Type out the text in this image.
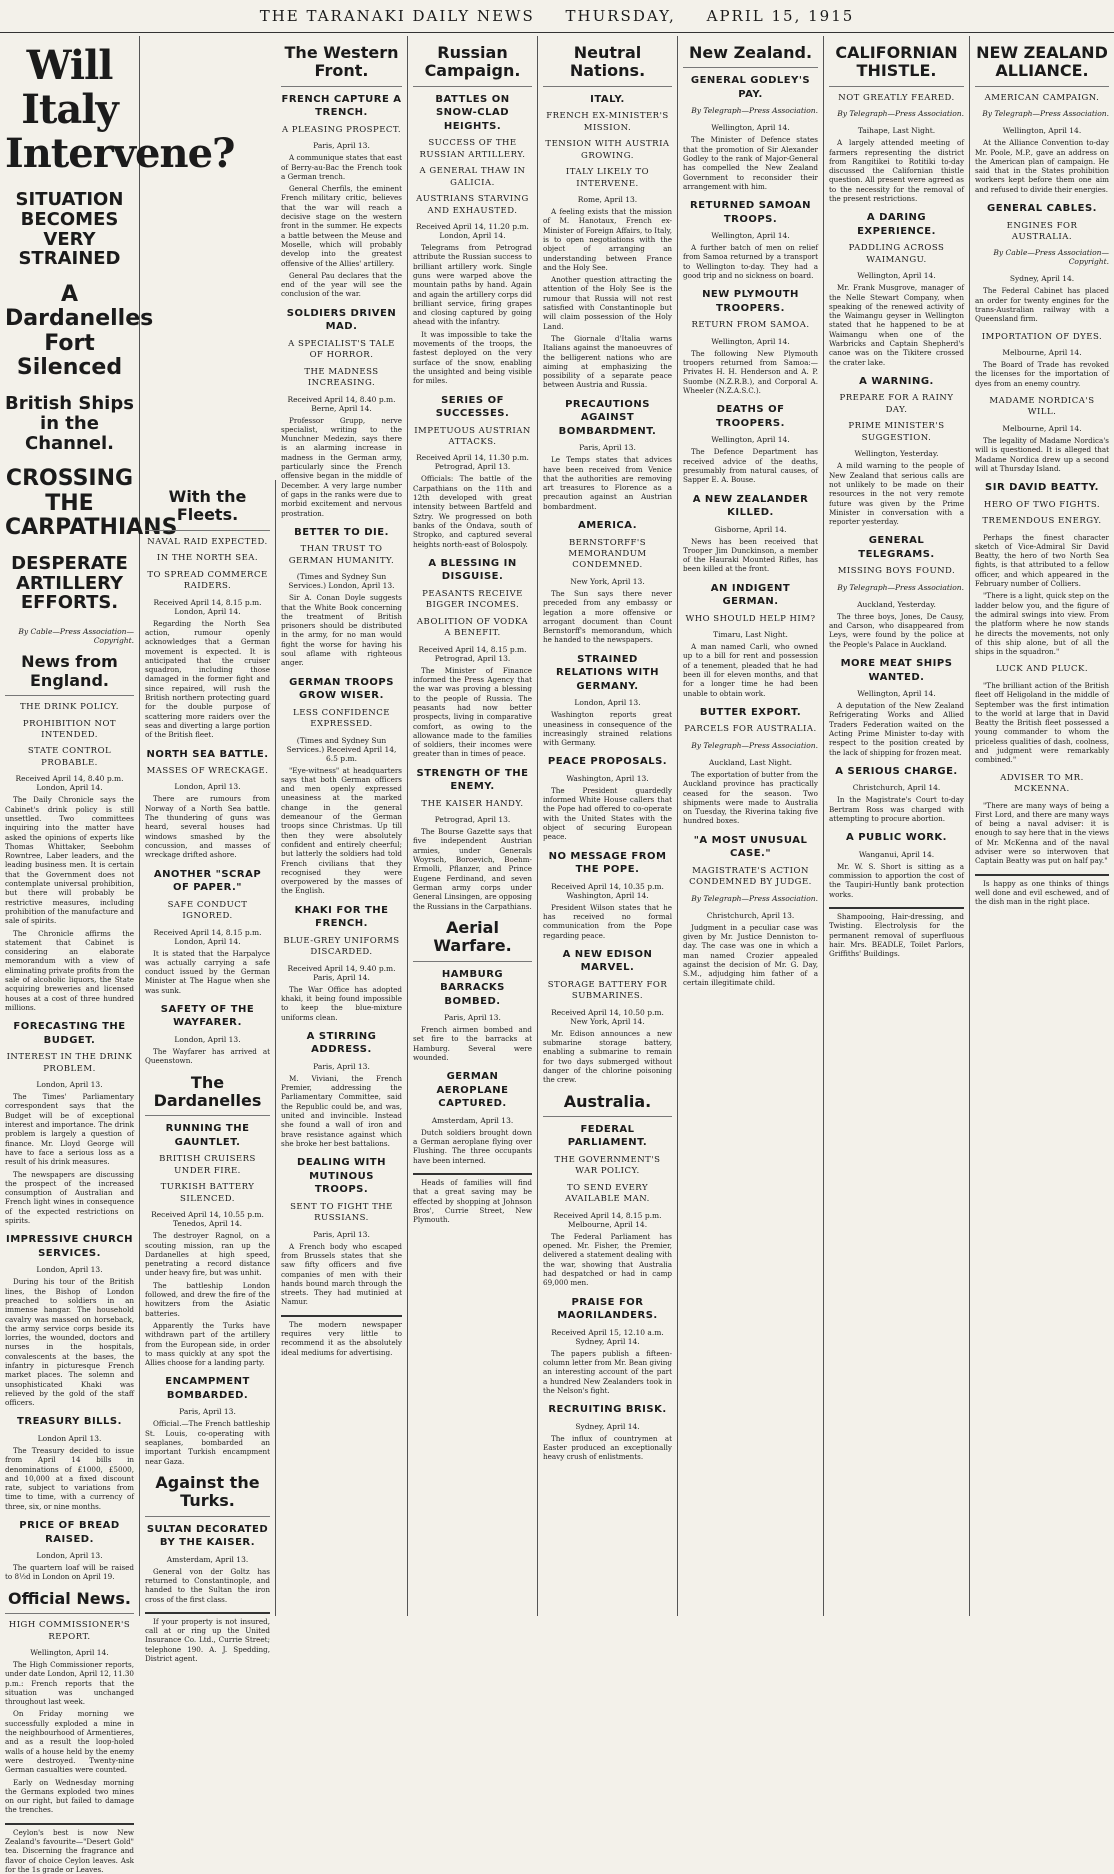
THE TARANAKI DAILY NEWS THURSDAY, APRIL 15, 1915
Will Italy Intervene?
SITUATION BECOMES VERY STRAINED
A Dardanelles Fort Silenced
British Ships in the Channel.
CROSSING THE CARPATHIANS
DESPERATE ARTILLERY EFFORTS.
By Cable—Press Association—Copyright.
News from England.
THE DRINK POLICY.
PROHIBITION NOT INTENDED.
STATE CONTROL PROBABLE.
Received April 14, 8.40 p.m. London, April 14.

The Daily Chronicle says the Cabinet's drink policy is still unsettled. Two committees inquiring into the matter have asked the opinions of experts like Thomas Whittaker, Seebohm Rowntree, Laber leaders, and the leading business men. It is certain that the Government does not contemplate universal prohibition, but there will probably be restrictive measures, including prohibition of the manufacture and sale of spirits.

The Chronicle affirms the statement that Cabinet is considering an elaborate memorandum with a view of eliminating private profits from the sale of alcoholic liquors, the State acquiring breweries and licensed houses at a cost of three hundred millions.

FORECASTING THE BUDGET.
INTEREST IN THE DRINK PROBLEM.
London, April 13.

The Times' Parliamentary correspondent says that the Budget will be of exceptional interest and importance. The drink problem is largely a question of finance. Mr. Lloyd George will have to face a serious loss as a result of his drink measures.

The newspapers are discussing the prospect of the increased consumption of Australian and French light wines in consequence of the expected restrictions on spirits.

IMPRESSIVE CHURCH SERVICES.
London, April 13.

During his tour of the British lines, the Bishop of London preached to soldiers in an immense hangar. The household cavalry was massed on horseback, the army service corps beside its lorries, the wounded, doctors and nurses in the hospitals, convalescents at the bases, the infantry in picturesque French market places. The solemn and unsophisticated Khaki was relieved by the gold of the staff officers.

TREASURY BILLS.
London April 13.

The Treasury decided to issue from April 14 bills in denominations of £1000, £5000, and 10,000 at a fixed discount rate, subject to variations from time to time, with a currency of three, six, or nine months.

PRICE OF BREAD RAISED.
London, April 13.

The quartern loaf will be raised to 8½d in London on April 19.

Official News.
HIGH COMMISSIONER'S REPORT.
Wellington, April 14.

The High Commissioner reports, under date London, April 12, 11.30 p.m.: French reports that the situation was unchanged throughout last week.

On Friday morning we successfully exploded a mine in the neighbourhood of Armentieres, and as a result the loop-holed walls of a house held by the enemy were destroyed. Twenty-nine German casualties were counted.

Early on Wednesday morning the Germans exploded two mines on our right, but failed to damage the trenches.

Ceylon's best is now New Zealand's favourite—"Desert Gold" tea. Discerning the fragrance and flavor of choice Ceylon leaves. Ask for the 1s grade or Leaves.

With the Fleets.
NAVAL RAID EXPECTED.
IN THE NORTH SEA.
TO SPREAD COMMERCE RAIDERS.
Received April 14, 8.15 p.m. London, April 14.

Regarding the North Sea action, rumour openly acknowledges that a German movement is expected. It is anticipated that the cruiser squadron, including those damaged in the former fight and since repaired, will rush the British northern protecting guard for the double purpose of scattering more raiders over the seas and diverting a large portion of the British fleet.

NORTH SEA BATTLE.
MASSES OF WRECKAGE.
London, April 13.

There are rumours from Norway of a North Sea battle. The thundering of guns was heard, several houses had windows smashed by the concussion, and masses of wreckage drifted ashore.

ANOTHER "SCRAP OF PAPER."
SAFE CONDUCT IGNORED.
Received April 14, 8.15 p.m. London, April 14.

It is stated that the Harpalyce was actually carrying a safe conduct issued by the German Minister at The Hague when she was sunk.

SAFETY OF THE WAYFARER.
London, April 13.

The Wayfarer has arrived at Queenstown.

The Dardanelles
RUNNING THE GAUNTLET.
BRITISH CRUISERS UNDER FIRE.
TURKISH BATTERY SILENCED.
Received April 14, 10.55 p.m. Tenedos, April 14.

The destroyer Ragnol, on a scouting mission, ran up the Dardanelles at high speed, penetrating a record distance under heavy fire, but was unhit.

The battleship London followed, and drew the fire of the howitzers from the Asiatic batteries.

Apparently the Turks have withdrawn part of the artillery from the European side, in order to mass quickly at any spot the Allies choose for a landing party.

ENCAMPMENT BOMBARDED.
Paris, April 13.

Official.—The French battleship St. Louis, co-operating with seaplanes, bombarded an important Turkish encampment near Gaza.

Against the Turks.
SULTAN DECORATED BY THE KAISER.
Amsterdam, April 13.

General von der Goltz has returned to Constantinople, and handed to the Sultan the iron cross of the first class.

If your property is not insured, call at or ring up the United Insurance Co. Ltd., Currie Street; telephone 190. A. J. Spedding, District agent.

The Western Front.
FRENCH CAPTURE A TRENCH.
A PLEASING PROSPECT.
Paris, April 13.

A communique states that east of Berry-au-Bac the French took a German trench.

General Cherfils, the eminent French military critic, believes that the war will reach a decisive stage on the western front in the summer. He expects a battle between the Meuse and Moselle, which will probably develop into the greatest offensive of the Allies' artillery.

General Pau declares that the end of the year will see the conclusion of the war.

SOLDIERS DRIVEN MAD.
A SPECIALIST'S TALE OF HORROR.
THE MADNESS INCREASING.
Received April 14, 8.40 p.m. Berne, April 14.

Professor Grupp, nerve specialist, writing to the Munchner Medezin, says there is an alarming increase in madness in the German army, particularly since the French offensive began in the middle of December. A very large number of gaps in the ranks were due to morbid excitement and nervous prostration.

BETTER TO DIE.
THAN TRUST TO GERMAN HUMANITY.
(Times and Sydney Sun Services.) London, April 13.

Sir A. Conan Doyle suggests that the White Book concerning the treatment of British prisoners should be distributed in the army, for no man would fight the worse for having his soul aflame with righteous anger.

GERMAN TROOPS GROW WISER.
LESS CONFIDENCE EXPRESSED.
(Times and Sydney Sun Services.) Received April 14, 6.5 p.m.

"Eye-witness" at headquarters says that both German officers and men openly expressed uneasiness at the marked change in the general demeanour of the German troops since Christmas. Up till then they were absolutely confident and entirely cheerful; but latterly the soldiers had told French civilians that they recognised they were overpowered by the masses of the English.

KHAKI FOR THE FRENCH.
BLUE-GREY UNIFORMS DISCARDED.
Received April 14, 9.40 p.m. Paris, April 14.

The War Office has adopted khaki, it being found impossible to keep the blue-mixture uniforms clean.

A STIRRING ADDRESS.
Paris, April 13.

M. Viviani, the French Premier, addressing the Parliamentary Committee, said the Republic could be, and was, united and invincible. Instead she found a wall of iron and brave resistance against which she broke her best battalions.

DEALING WITH MUTINOUS TROOPS.
SENT TO FIGHT THE RUSSIANS.
Paris, April 13.

A French body who escaped from Brussels states that she saw fifty officers and five companies of men with their hands bound march through the streets. They had mutinied at Namur.

The modern newspaper requires very little to recommend it as the absolutely ideal mediums for advertising.

Russian Campaign.
BATTLES ON SNOW-CLAD HEIGHTS.
SUCCESS OF THE RUSSIAN ARTILLERY.
A GENERAL THAW IN GALICIA.
AUSTRIANS STARVING AND EXHAUSTED.
Received April 14, 11.20 p.m. London, April 14.

Telegrams from Petrograd attribute the Russian success to brilliant artillery work. Single guns were warped above the mountain paths by hand. Again and again the artillery corps did brilliant service, firing grapes and closing captured by going ahead with the infantry.

It was impossible to take the movements of the troops, the fastest deployed on the very surface of the snow, enabling the unsighted and being visible for miles.

SERIES OF SUCCESSES.
IMPETUOUS AUSTRIAN ATTACKS.
Received April 14, 11.30 p.m. Petrograd, April 13.

Officials: The battle of the Carpathians on the 11th and 12th developed with great intensity between Bartfeld and Sztry. We progressed on both banks of the Ondava, south of Stropko, and captured several heights north-east of Bolospoly.

A BLESSING IN DISGUISE.
PEASANTS RECEIVE BIGGER INCOMES.
ABOLITION OF VODKA A BENEFIT.
Received April 14, 8.15 p.m. Petrograd, April 13.

The Minister of Finance informed the Press Agency that the war was proving a blessing to the people of Russia. The peasants had now better prospects, living in comparative comfort, as owing to the allowance made to the families of soldiers, their incomes were greater than in times of peace.

STRENGTH OF THE ENEMY.
THE KAISER HANDY.
Petrograd, April 13.

The Bourse Gazette says that five independent Austrian armies, under Generals Woyrsch, Boroevich, Boehm-Ermolli, Pflanzer, and Prince Eugene Ferdinand, and seven German army corps under General Linsingen, are opposing the Russians in the Carpathians.

Aerial Warfare.
HAMBURG BARRACKS BOMBED.
Paris, April 13.

French airmen bombed and set fire to the barracks at Hamburg. Several were wounded.

GERMAN AEROPLANE CAPTURED.
Amsterdam, April 13.

Dutch soldiers brought down a German aeroplane flying over Flushing. The three occupants have been interned.

Heads of families will find that a great saving may be effected by shopping at Johnson Bros', Currie Street, New Plymouth.

Neutral Nations.
ITALY.
FRENCH EX-MINISTER'S MISSION.
TENSION WITH AUSTRIA GROWING.
ITALY LIKELY TO INTERVENE.
Rome, April 13.

A feeling exists that the mission of M. Hanotaux, French ex-Minister of Foreign Affairs, to Italy, is to open negotiations with the object of arranging an understanding between France and the Holy See.

Another question attracting the attention of the Holy See is the rumour that Russia will not rest satisfied with Constantinople but will claim possession of the Holy Land.

The Giornale d'Italia warns Italians against the manoeuvres of the belligerent nations who are aiming at emphasizing the possibility of a separate peace between Austria and Russia.

PRECAUTIONS AGAINST BOMBARDMENT.
Paris, April 13.

Le Temps states that advices have been received from Venice that the authorities are removing art treasures to Florence as a precaution against an Austrian bombardment.

AMERICA.
BERNSTORFF'S MEMORANDUM CONDEMNED.
New York, April 13.

The Sun says there never preceded from any embassy or legation a more offensive or arrogant document than Count Bernstorff's memorandum, which he handed to the newspapers.

STRAINED RELATIONS WITH GERMANY.
London, April 13.

Washington reports great uneasiness in consequence of the increasingly strained relations with Germany.

PEACE PROPOSALS.
Washington, April 13.

The President guardedly informed White House callers that the Pope had offered to co-operate with the United States with the object of securing European peace.

NO MESSAGE FROM THE POPE.
Received April 14, 10.35 p.m. Washington, April 14.

President Wilson states that he has received no formal communication from the Pope regarding peace.

A NEW EDISON MARVEL.
STORAGE BATTERY FOR SUBMARINES.
Received April 14, 10.50 p.m. New York, April 14.

Mr. Edison announces a new submarine storage battery, enabling a submarine to remain for two days submerged without danger of the chlorine poisoning the crew.

Australia.
FEDERAL PARLIAMENT.
THE GOVERNMENT'S WAR POLICY.
TO SEND EVERY AVAILABLE MAN.
Received April 14, 8.15 p.m. Melbourne, April 14.

The Federal Parliament has opened. Mr. Fisher, the Premier, delivered a statement dealing with the war, showing that Australia had despatched or had in camp 69,000 men.

PRAISE FOR MAORILANDERS.
Received April 15, 12.10 a.m. Sydney, April 14.

The papers publish a fifteen-column letter from Mr. Bean giving an interesting account of the part a hundred New Zealanders took in the Nelson's fight.

RECRUITING BRISK.
Sydney, April 14.

The influx of countrymen at Easter produced an exceptionally heavy crush of enlistments.

New Zealand.
GENERAL GODLEY'S PAY.
By Telegraph—Press Association.
Wellington, April 14.

The Minister of Defence states that the promotion of Sir Alexander Godley to the rank of Major-General has compelled the New Zealand Government to reconsider their arrangement with him.

RETURNED SAMOAN TROOPS.
Wellington, April 14.

A further batch of men on relief from Samoa returned by a transport to Wellington to-day. They had a good trip and no sickness on board.

NEW PLYMOUTH TROOPERS.
RETURN FROM SAMOA.
Wellington, April 14.

The following New Plymouth troopers returned from Samoa:—Privates H. H. Henderson and A. P. Suombe (N.Z.R.B.), and Corporal A. Wheeler (N.Z.A.S.C.).

DEATHS OF TROOPERS.
Wellington, April 14.

The Defence Department has received advice of the deaths, presumably from natural causes, of Sapper E. A. Bouse.

A NEW ZEALANDER KILLED.
Gisborne, April 14.

News has been received that Trooper Jim Dunckinson, a member of the Hauraki Mounted Rifles, has been killed at the front.

AN INDIGENT GERMAN.
WHO SHOULD HELP HIM?
Timaru, Last Night.

A man named Carli, who owned up to a bill for rent and possession of a tenement, pleaded that he had been ill for eleven months, and that for a longer time he had been unable to obtain work.

BUTTER EXPORT.
PARCELS FOR AUSTRALIA.
By Telegraph—Press Association.
Auckland, Last Night.

The exportation of butter from the Auckland province has practically ceased for the season. Two shipments were made to Australia on Tuesday, the Riverina taking five hundred boxes.

"A MOST UNUSUAL CASE."
MAGISTRATE'S ACTION CONDEMNED BY JUDGE.
By Telegraph—Press Association.
Christchurch, April 13.

Judgment in a peculiar case was given by Mr. Justice Denniston to-day. The case was one in which a man named Crozier appealed against the decision of Mr. G. Day, S.M., adjudging him father of a certain illegitimate child.

CALIFORNIAN THISTLE.
NOT GREATLY FEARED.
By Telegraph—Press Association.
Taihape, Last Night.

A largely attended meeting of farmers representing the district from Rangitikei to Rotitiki to-day discussed the Californian thistle question. All present were agreed as to the necessity for the removal of the present restrictions.

A DARING EXPERIENCE.
PADDLING ACROSS WAIMANGU.
Wellington, April 14.

Mr. Frank Musgrove, manager of the Nelle Stewart Company, when speaking of the renewed activity of the Waimangu geyser in Wellington stated that he happened to be at Waimangu when one of the Warbricks and Captain Shepherd's canoe was on the Tikitere crossed the crater lake.

A WARNING.
PREPARE FOR A RAINY DAY.
PRIME MINISTER'S SUGGESTION.
Wellington, Yesterday.

A mild warning to the people of New Zealand that serious calls are not unlikely to be made on their resources in the not very remote future was given by the Prime Minister in conversation with a reporter yesterday.

GENERAL TELEGRAMS.
MISSING BOYS FOUND.
By Telegraph—Press Association.
Auckland, Yesterday.

The three boys, Jones, De Causy, and Carson, who disappeared from Leys, were found by the police at the People's Palace in Auckland.

MORE MEAT SHIPS WANTED.
Wellington, April 14.

A deputation of the New Zealand Refrigerating Works and Allied Traders Federation waited on the Acting Prime Minister to-day with respect to the position created by the lack of shipping for frozen meat.

A SERIOUS CHARGE.
Christchurch, April 14.

In the Magistrate's Court to-day Bertram Ross was charged with attempting to procure abortion.

A PUBLIC WORK.
Wanganui, April 14.

Mr. W. S. Short is sitting as a commission to apportion the cost of the Taupiri-Huntly bank protection works.

Shampooing, Hair-dressing, and Twisting. Electrolysis for the permanent removal of superfluous hair. Mrs. BEADLE, Toilet Parlors, Griffiths' Buildings.

NEW ZEALAND ALLIANCE.
AMERICAN CAMPAIGN.
By Telegraph—Press Association.
Wellington, April 14.

At the Alliance Convention to-day Mr. Poole, M.P., gave an address on the American plan of campaign. He said that in the States prohibition workers kept before them one aim and refused to divide their energies.

GENERAL CABLES.
ENGINES FOR AUSTRALIA.
By Cable—Press Association—Copyright.
Sydney, April 14.

The Federal Cabinet has placed an order for twenty engines for the trans-Australian railway with a Queensland firm.

IMPORTATION OF DYES.
Melbourne, April 14.

The Board of Trade has revoked the licenses for the importation of dyes from an enemy country.

MADAME NORDICA'S WILL.
Melbourne, April 14.

The legality of Madame Nordica's will is questioned. It is alleged that Madame Nordica drew up a second will at Thursday Island.

SIR DAVID BEATTY.
HERO OF TWO FIGHTS.
TREMENDOUS ENERGY.

Perhaps the finest character sketch of Vice-Admiral Sir David Beatty, the hero of two North Sea fights, is that attributed to a fellow officer, and which appeared in the February number of Colliers.

"There is a light, quick step on the ladder below you, and the figure of the admiral swings into view. From the platform where he now stands he directs the movements, not only of this ship alone, but of all the ships in the squadron."

LUCK AND PLUCK.

"The brilliant action of the British fleet off Heligoland in the middle of September was the first intimation to the world at large that in David Beatty the British fleet possessed a young commander to whom the priceless qualities of dash, coolness, and judgment were remarkably combined."

ADVISER TO MR. MCKENNA.

"There are many ways of being a First Lord, and there are many ways of being a naval adviser: it is enough to say here that in the views of Mr. McKenna and of the naval adviser were so interwoven that Captain Beatty was put on half pay."

Is happy as one thinks of things well done and evil eschewed, and of the dish man in the right place.
